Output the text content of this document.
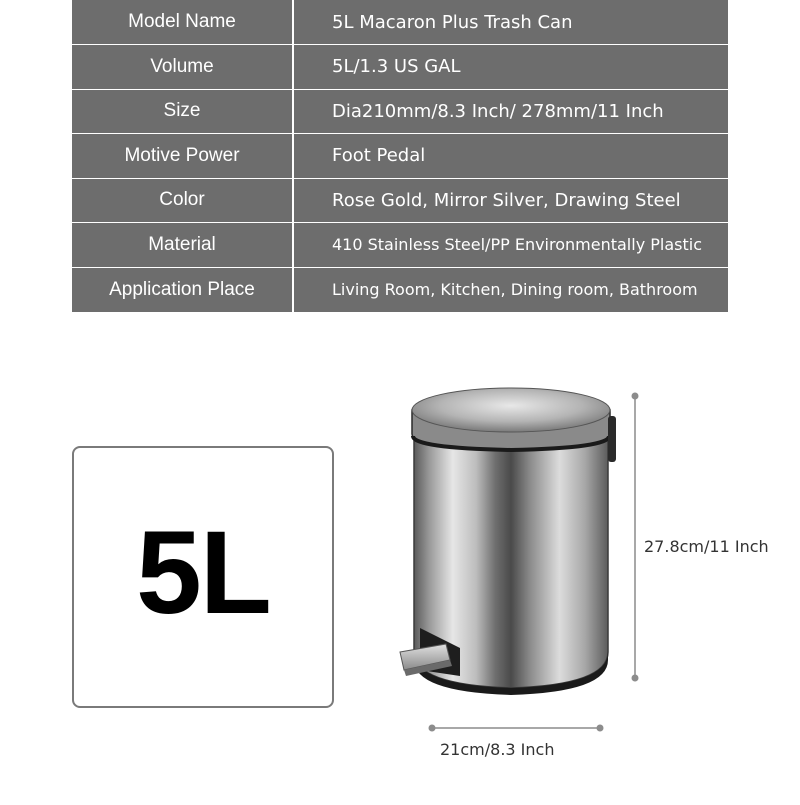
Model Name	5L Macaron Plus Trash Can
Volume	5L/1.3 US GAL
Size	Dia210mm/8.3 Inch/ 278mm/11 Inch
Motive Power	Foot Pedal
Color	Rose Gold, Mirror Silver, Drawing Steel
Material	410 Stainless Steel/PP Environmentally Plastic
Application Place	Living Room, Kitchen, Dining room, Bathroom
5L	27.8cm/11 Inch
21cm/8.3 Inch
